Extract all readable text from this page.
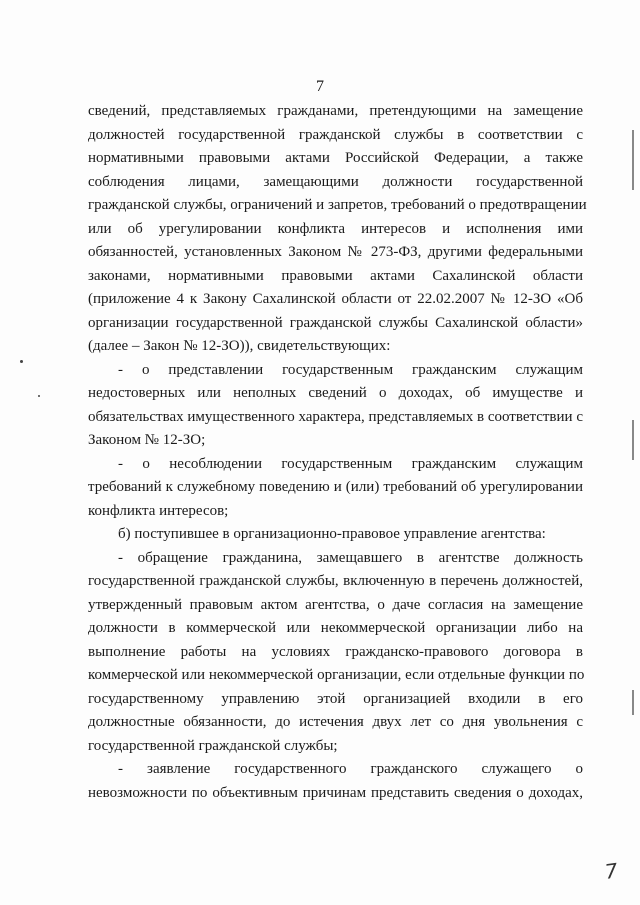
7
сведений, представляемых гражданами, претендующими на замещение
должностей государственной гражданской службы в соответствии с
нормативными правовыми актами Российской Федерации, а также
соблюдения лицами, замещающими должности государственной
гражданской службы, ограничений и запретов, требований о предотвращении
или об урегулировании конфликта интересов и исполнения ими
обязанностей, установленных Законом № 273-ФЗ, другими федеральными
законами, нормативными правовыми актами Сахалинской области
(приложение 4 к Закону Сахалинской области от 22.02.2007 № 12-ЗО «Об
организации государственной гражданской службы Сахалинской области»
(далее – Закон № 12-ЗО)), свидетельствующих:
- о представлении государственным гражданским служащим
недостоверных или неполных сведений о доходах, об имуществе и
обязательствах имущественного характера, представляемых в соответствии с
Законом № 12-ЗО;
- о несоблюдении государственным гражданским служащим
требований к служебному поведению и (или) требований об урегулировании
конфликта интересов;
б) поступившее в организационно-правовое управление агентства:
- обращение гражданина, замещавшего в агентстве должность
государственной гражданской службы, включенную в перечень должностей,
утвержденный правовым актом агентства, о даче согласия на замещение
должности в коммерческой или некоммерческой организации либо на
выполнение работы на условиях гражданско-правового договора в
коммерческой или некоммерческой организации, если отдельные функции по
государственному управлению этой организацией входили в его
должностные обязанности, до истечения двух лет со дня увольнения с
государственной гражданской службы;
- заявление государственного гражданского служащего о
невозможности по объективным причинам представить сведения о доходах,
7
